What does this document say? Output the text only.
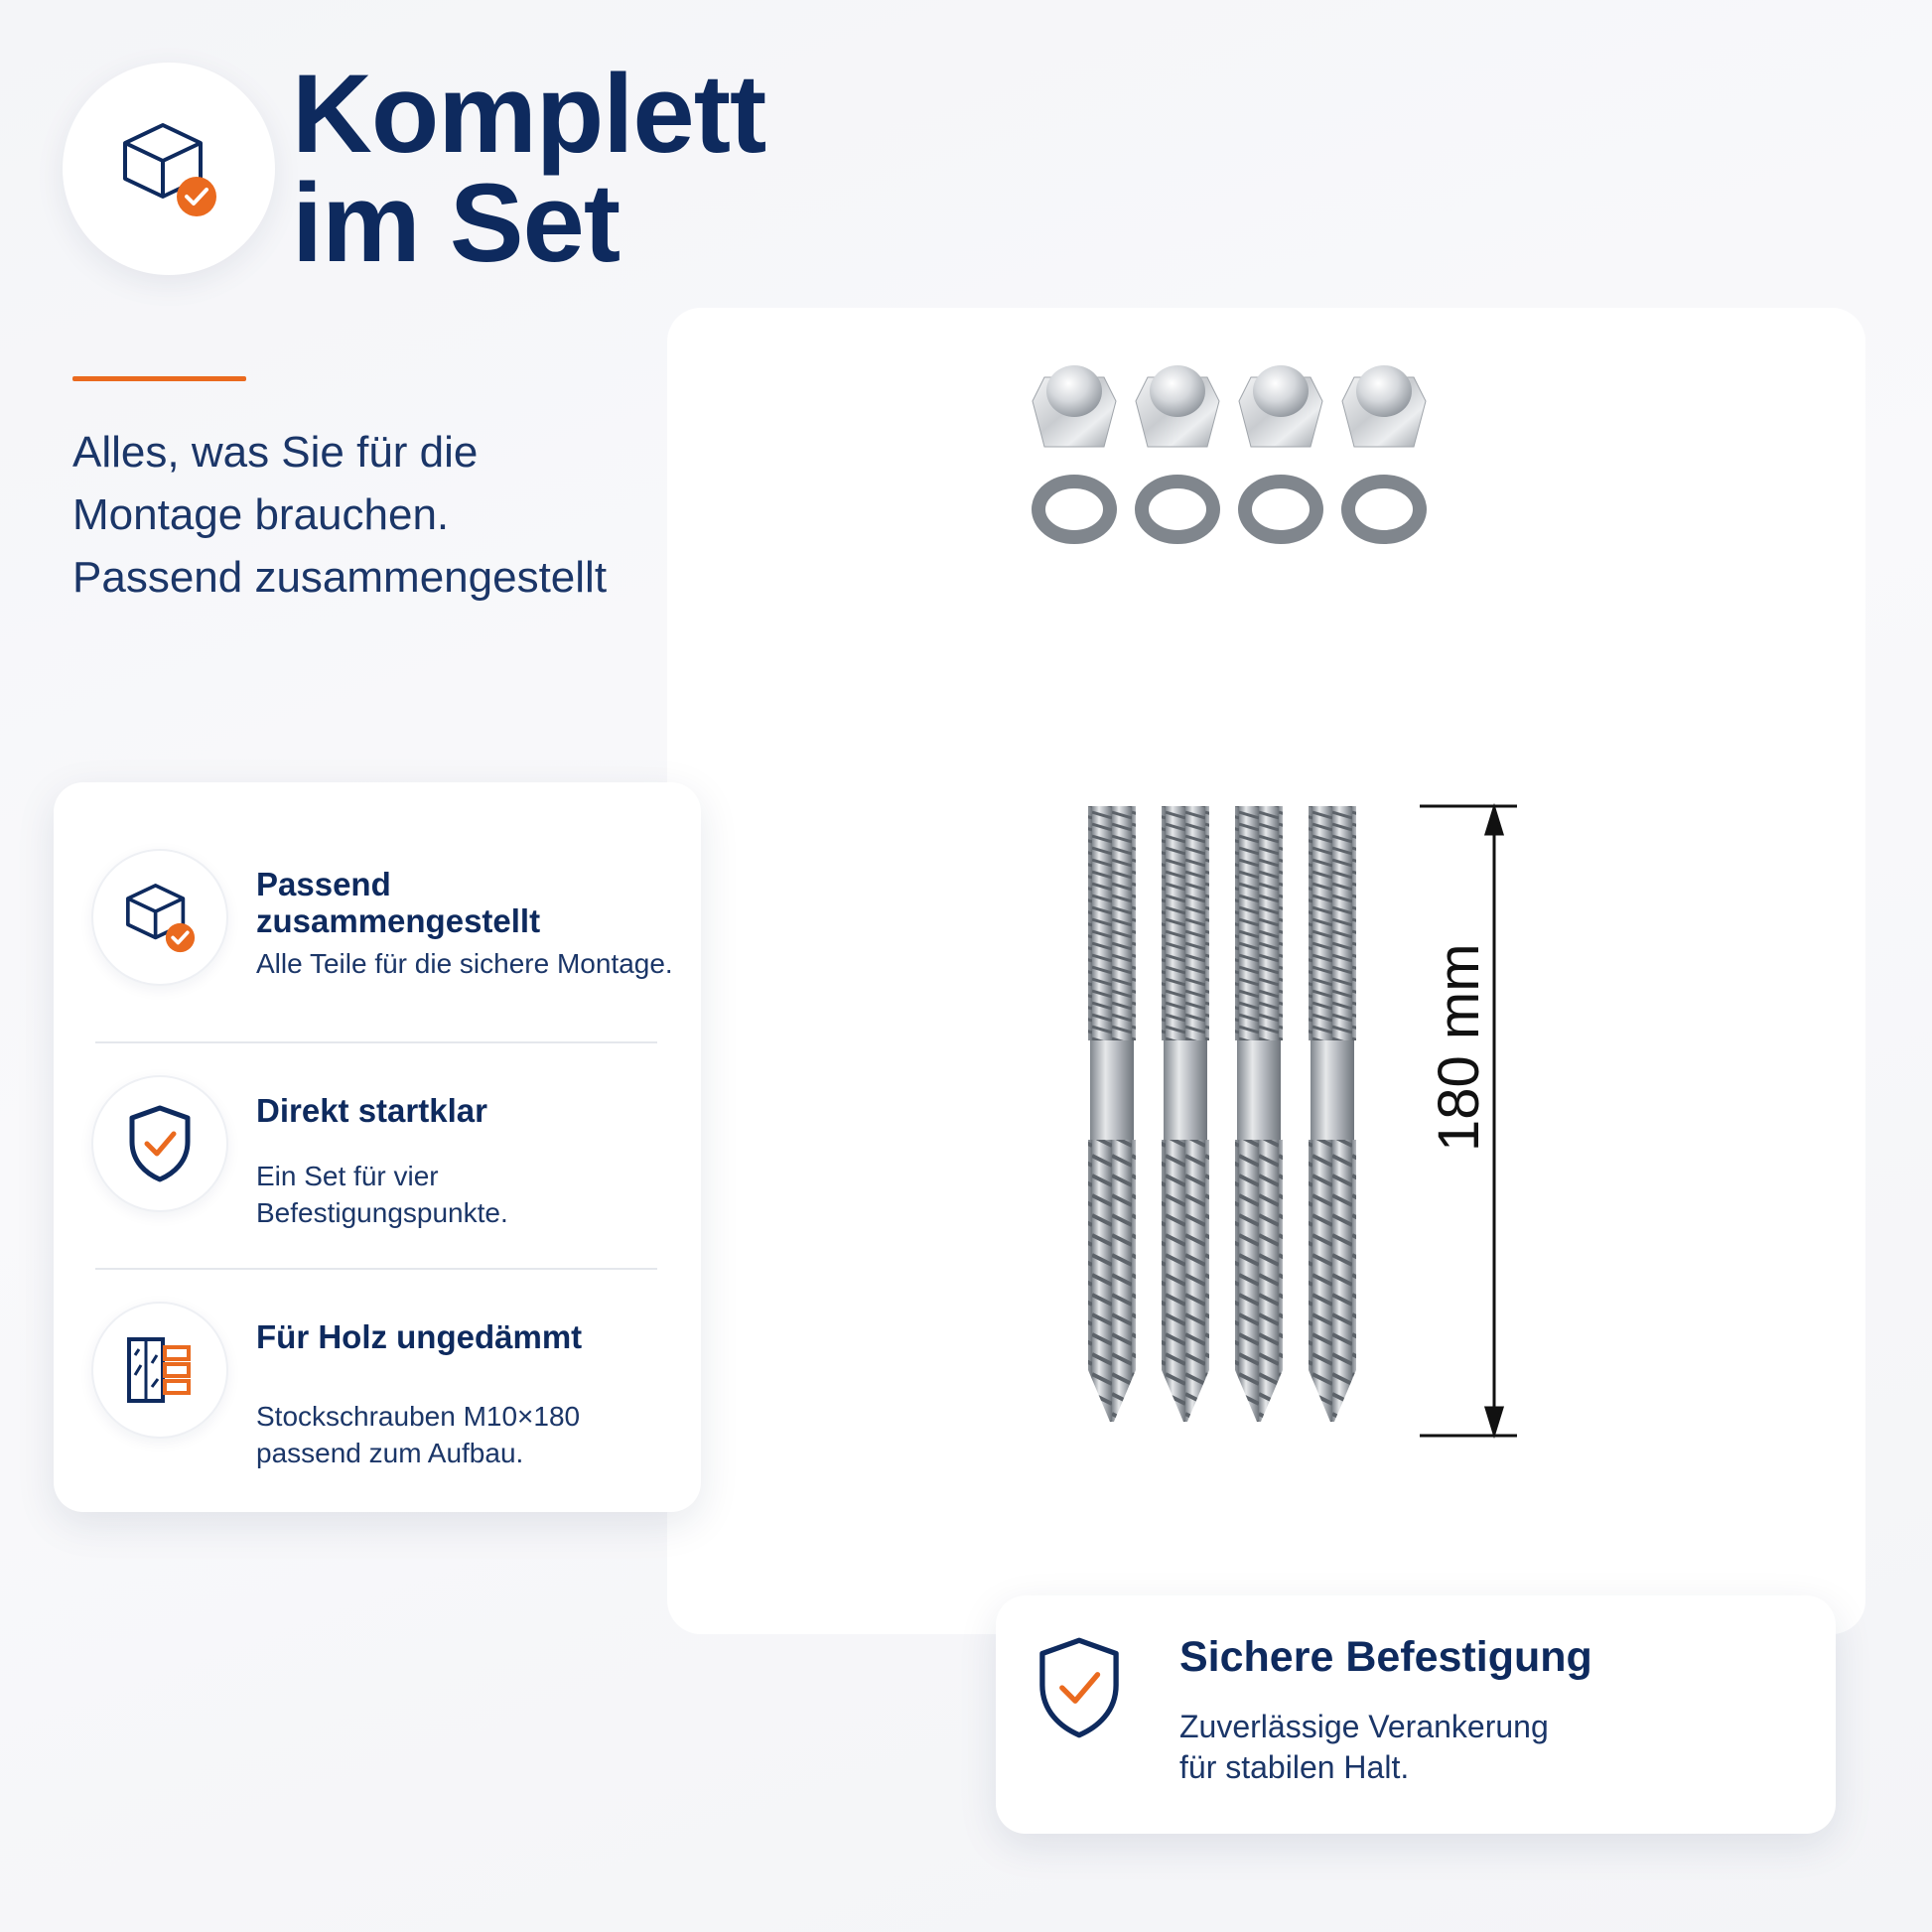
Komplett
im Set

Alles, was Sie für die
Montage brauchen.
Passend zusammengestellt

180 mm
Passend zusammengestellt
Alle Teile für die sichere Montage.
Direkt startklar
Ein Set für vier Befestigungspunkte.
Für Holz ungedämmt
Stockschrauben M10×180 passend zum Aufbau.
Sichere Befestigung
Zuverlässige Verankerung
für stabilen Halt.
